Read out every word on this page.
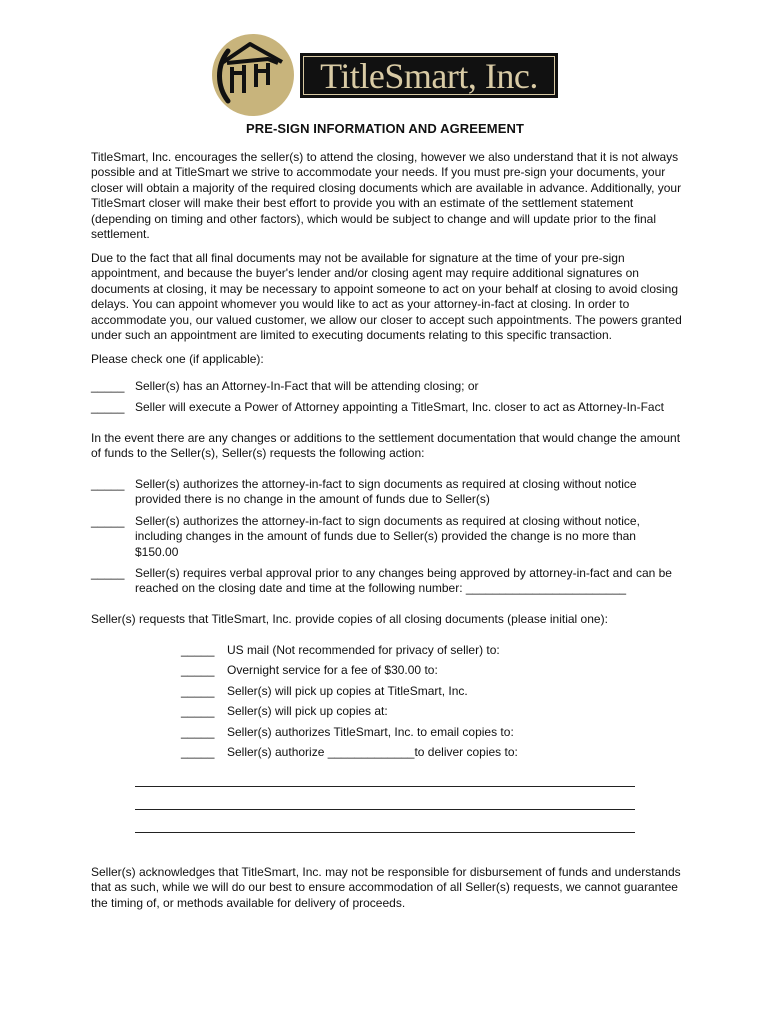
TitleSmart, Inc.
PRE-SIGN INFORMATION AND AGREEMENT
TitleSmart, Inc. encourages the seller(s) to attend the closing, however we also understand that it is not always possible and at TitleSmart we strive to accommodate your needs. If you must pre-sign your documents, your closer will obtain a majority of the required closing documents which are available in advance. Additionally, your TitleSmart closer will make their best effort to provide you with an estimate of the settlement statement (depending on timing and other factors), which would be subject to change and will update prior to the final settlement.
Due to the fact that all final documents may not be available for signature at the time of your pre-sign appointment, and because the buyer's lender and/or closing agent may require additional signatures on documents at closing, it may be necessary to appoint someone to act on your behalf at closing to avoid closing delays. You can appoint whomever you would like to act as your attorney-in-fact at closing. In order to accommodate you, our valued customer, we allow our closer to accept such appointments. The powers granted under such an appointment are limited to executing documents relating to this specific transaction.
Please check one (if applicable):
_____ Seller(s) has an Attorney-In-Fact that will be attending closing; or
_____ Seller will execute a Power of Attorney appointing a TitleSmart, Inc. closer to act as Attorney-In-Fact
In the event there are any changes or additions to the settlement documentation that would change the amount of funds to the Seller(s), Seller(s) requests the following action:
_____ Seller(s) authorizes the attorney-in-fact to sign documents as required at closing without notice provided there is no change in the amount of funds due to Seller(s)
_____ Seller(s) authorizes the attorney-in-fact to sign documents as required at closing without notice, including changes in the amount of funds due to Seller(s) provided the change is no more than $150.00
_____ Seller(s) requires verbal approval prior to any changes being approved by attorney-in-fact and can be reached on the closing date and time at the following number: ________________________
Seller(s) requests that TitleSmart, Inc. provide copies of all closing documents (please initial one):
_____ US mail (Not recommended for privacy of seller) to:
_____ Overnight service for a fee of $30.00 to:
_____ Seller(s) will pick up copies at TitleSmart, Inc.
_____ Seller(s) will pick up copies at:
_____ Seller(s) authorizes TitleSmart, Inc. to email copies to:
_____ Seller(s) authorize _____________to deliver copies to:
Seller(s) acknowledges that TitleSmart, Inc. may not be responsible for disbursement of funds and understands that as such, while we will do our best to ensure accommodation of all Seller(s) requests, we cannot guarantee the timing of, or methods available for delivery of proceeds.
